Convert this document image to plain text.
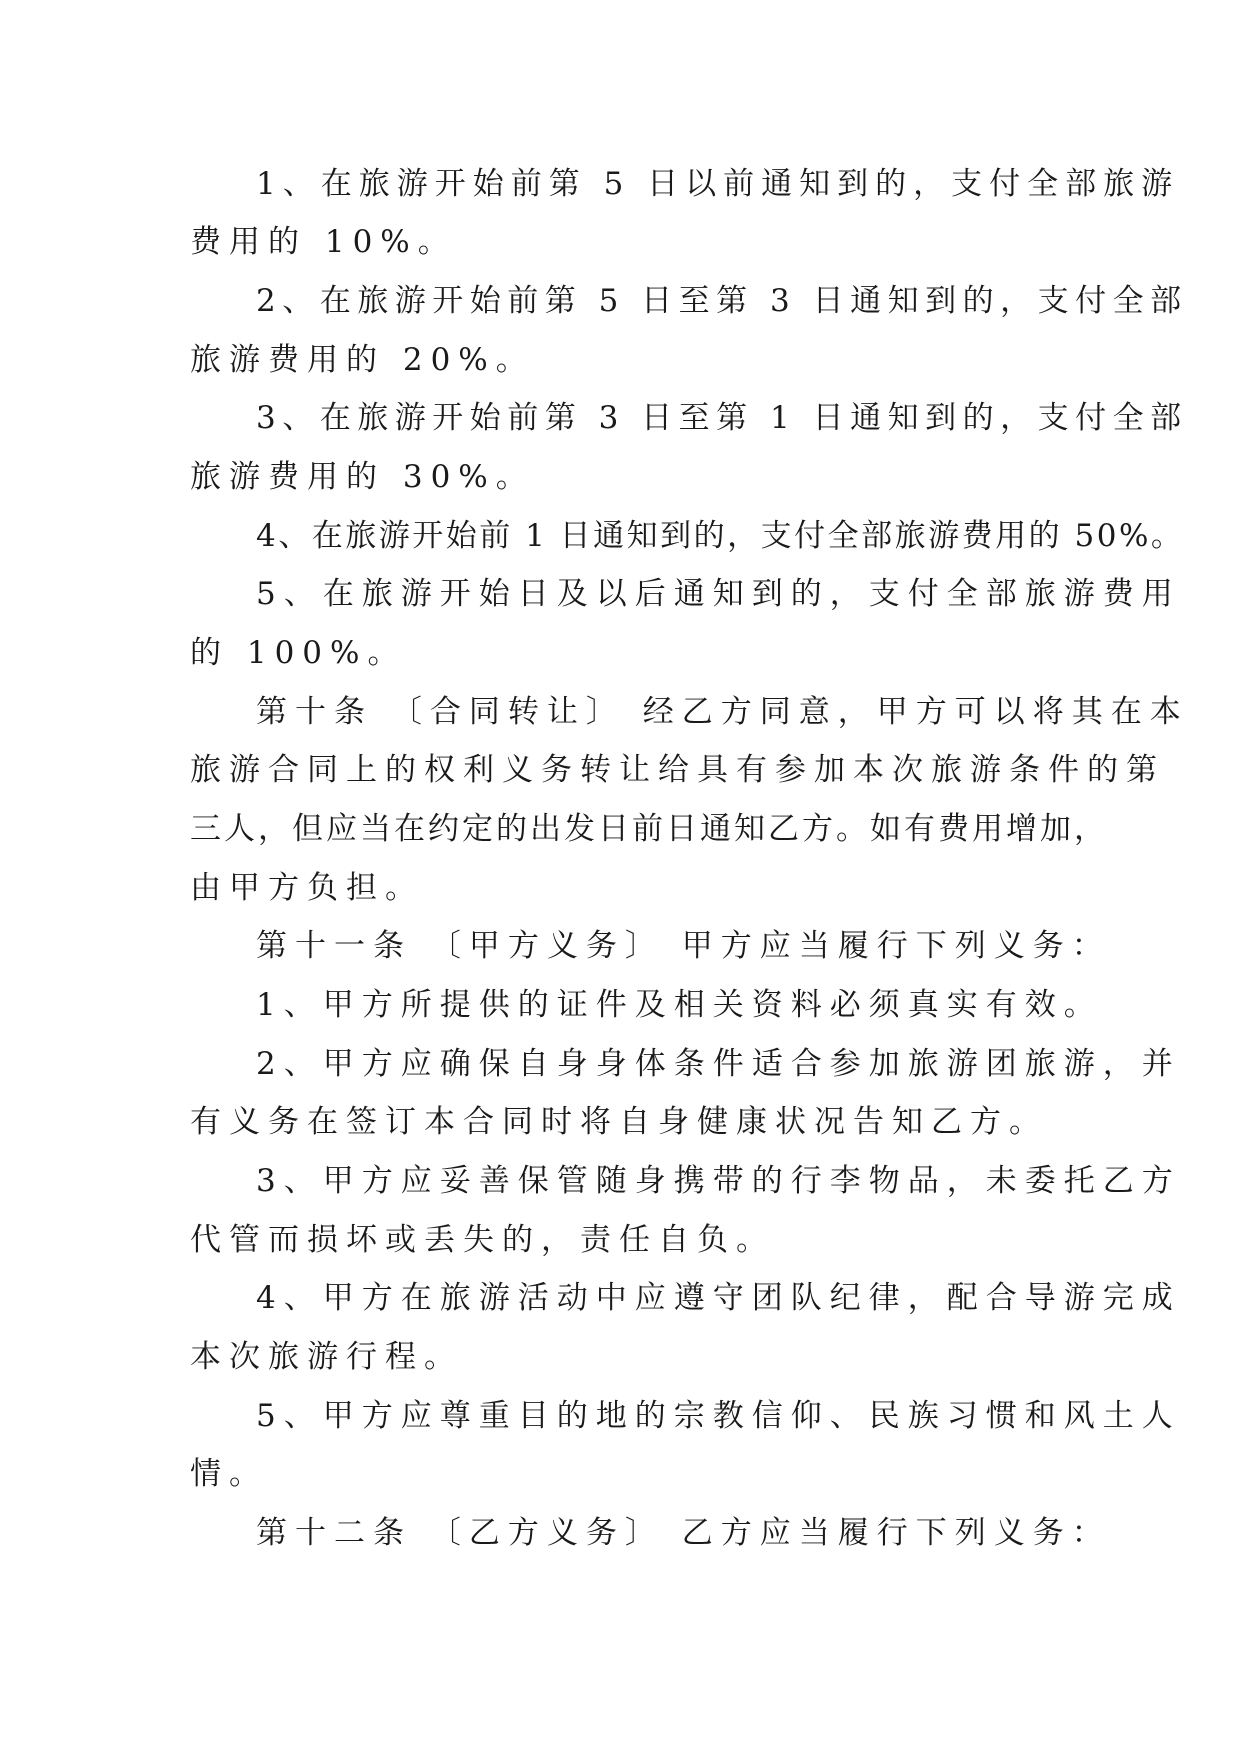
1、在旅游开始前第 5 日以前通知到的，支付全部旅游
费用的 10%。
2、在旅游开始前第 5 日至第 3 日通知到的，支付全部
旅游费用的 20%。
3、在旅游开始前第 3 日至第 1 日通知到的，支付全部
旅游费用的 30%。
4、在旅游开始前 1 日通知到的，支付全部旅游费用的 50%。
5、在旅游开始日及以后通知到的，支付全部旅游费用
的 100%。
第十条 〔合同转让〕 经乙方同意，甲方可以将其在本
旅游合同上的权利义务转让给具有参加本次旅游条件的第
三人，但应当在约定的出发日前日通知乙方。如有费用增加，
由甲方负担。
第十一条 〔甲方义务〕 甲方应当履行下列义务：
1、甲方所提供的证件及相关资料必须真实有效。
2、甲方应确保自身身体条件适合参加旅游团旅游，并
有义务在签订本合同时将自身健康状况告知乙方。
3、甲方应妥善保管随身携带的行李物品，未委托乙方
代管而损坏或丢失的，责任自负。
4、甲方在旅游活动中应遵守团队纪律，配合导游完成
本次旅游行程。
5、甲方应尊重目的地的宗教信仰、民族习惯和风土人
情。
第十二条 〔乙方义务〕 乙方应当履行下列义务：
